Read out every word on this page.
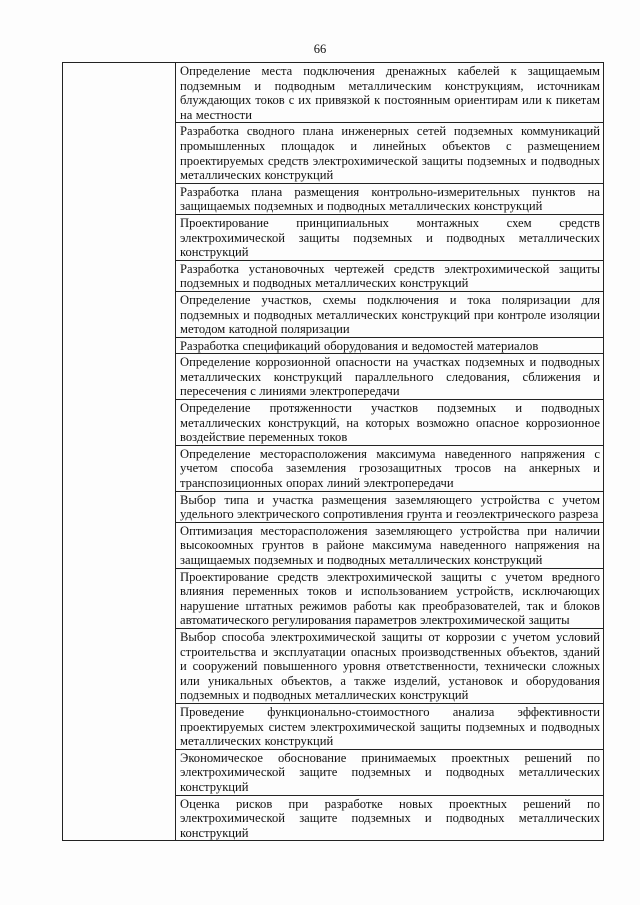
66
	Определение места подключения дренажных кабелей к защищаемым подземным и подводным металлическим конструкциям, источникам блуждающих токов с их привязкой к постоянным ориентирам или к пикетам на местности
Разработка сводного плана инженерных сетей подземных коммуникаций промышленных площадок и линейных объектов с размещением проектируемых средств электрохимической защиты подземных и подводных металлических конструкций
Разработка плана размещения контрольно-измерительных пунктов на защищаемых подземных и подводных металлических конструкций
Проектирование принципиальных монтажных схем средств электрохимической защиты подземных и подводных металлических конструкций
Разработка установочных чертежей средств электрохимической защиты подземных и подводных металлических конструкций
Определение участков, схемы подключения и тока поляризации для подземных и подводных металлических конструкций при контроле изоляции методом катодной поляризации
Разработка спецификаций оборудования и ведомостей материалов
Определение коррозионной опасности на участках подземных и подводных металлических конструкций параллельного следования, сближения и пересечения с линиями электропередачи
Определение протяженности участков подземных и подводных металлических конструкций, на которых возможно опасное коррозионное воздействие переменных токов
Определение месторасположения максимума наведенного напряжения с учетом способа заземления грозозащитных тросов на анкерных и транспозиционных опорах линий электропередачи
Выбор типа и участка размещения заземляющего устройства с учетом удельного электрического сопротивления грунта и геоэлектрического разреза
Оптимизация месторасположения заземляющего устройства при наличии высокоомных грунтов в районе максимума наведенного напряжения на защищаемых подземных и подводных металлических конструкций
Проектирование средств электрохимической защиты с учетом вредного влияния переменных токов и использованием устройств, исключающих нарушение штатных режимов работы как преобразователей, так и блоков автоматического регулирования параметров электрохимической защиты
Выбор способа электрохимической защиты от коррозии с учетом условий строительства и эксплуатации опасных производственных объектов, зданий и сооружений повышенного уровня ответственности, технически сложных или уникальных объектов, а также изделий, установок и оборудования подземных и подводных металлических конструкций
Проведение функционально-стоимостного анализа эффективности проектируемых систем электрохимической защиты подземных и подводных металлических конструкций
Экономическое обоснование принимаемых проектных решений по электрохимической защите подземных и подводных металлических конструкций
Оценка рисков при разработке новых проектных решений по электрохимической защите подземных и подводных металлических конструкций
